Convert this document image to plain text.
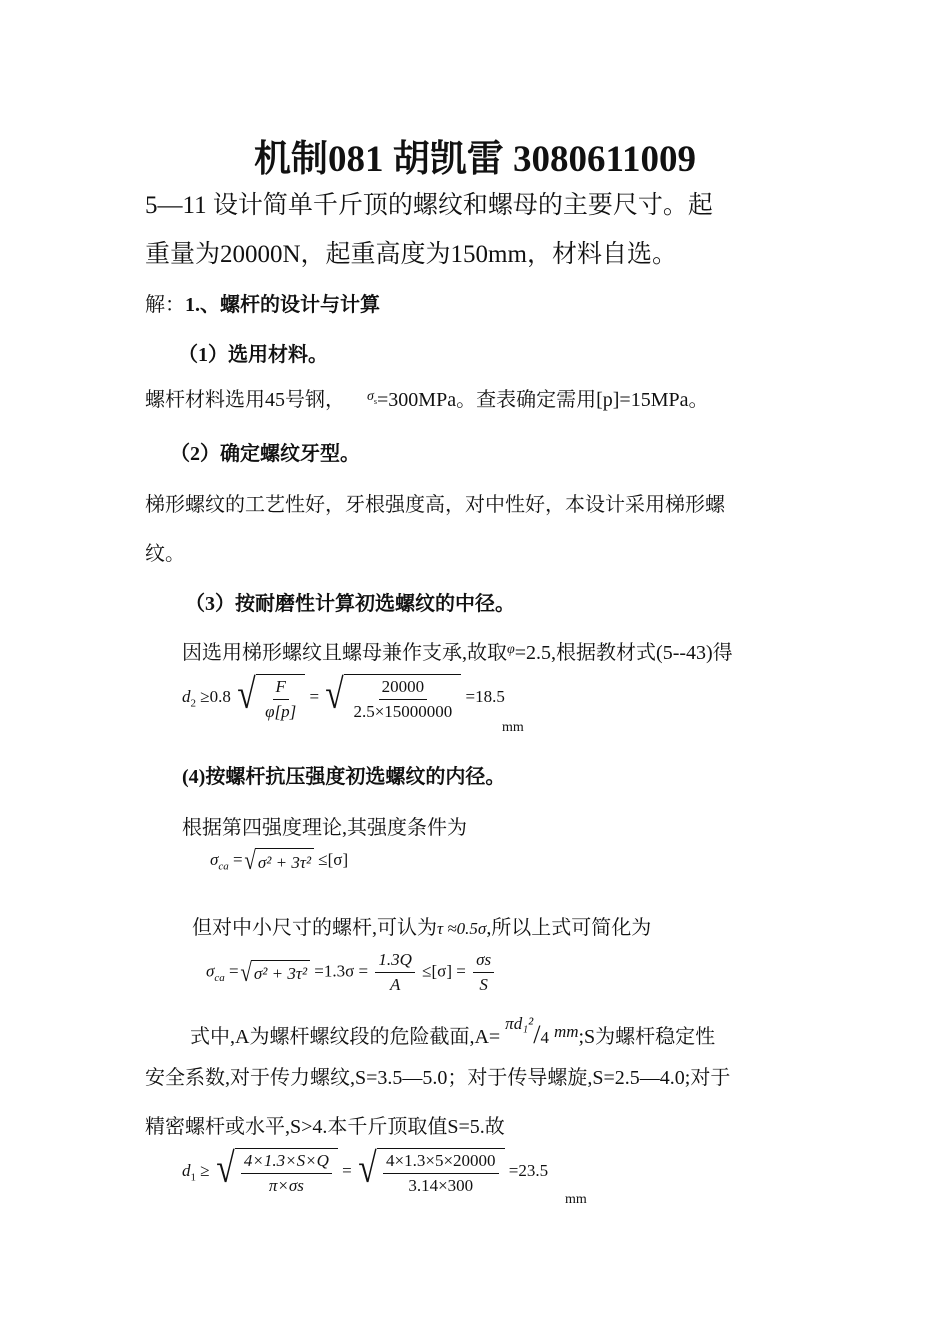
机制081 胡凯雷 3080611009
5—11 设计简单千斤顶的螺纹和螺母的主要尺寸。起
重量为20000N，起重高度为150mm，材料自选。
解：1.、螺杆的设计与计算
（1）选用材料。
螺杆材料选用45号钢， $^\sigma_s$=300MPa。查表确定需用[p]=15MPa。
（2）确定螺纹牙型。
梯形螺纹的工艺性好，牙根强度高，对中性好，本设计采用梯形螺
纹。
（3）按耐磨性计算初选螺纹的中径。
因选用梯形螺纹且螺母兼作支承,故取$^\varphi$=2.5,根据教材式(5--43)得
$d_2 \ge 0.8$ √ $\frac{F}{\varphi[p]}$ = √ $\frac{20000}{2.5\times 15000000} =18.5$
mm
(4)按螺杆抗压强度初选螺纹的内径。
根据第四强度理论,其强度条件为
$\sigma_{ca}$ = √ σ² + 3τ² ≤[σ]
但对中小尺寸的螺杆,可认为τ ≈0.5σ,所以上式可简化为
$\sigma_{ca}$ = √ $\sigma^2 + 3\tau^2 =1.3\sigma = \frac{1.3Q}{A} \le[\sigma] = \frac{\sigma s}{S}$
式中,A为螺杆螺纹段的危险截面,A= $^{\pi d_1^2}$/4 $^{mm}$;S为螺杆稳定性
安全系数,对于传力螺纹,S=3.5—5.0；对于传导螺旋,S=2.5—4.0;对于
精密螺杆或水平,S>4.本千斤顶取值S=5.故
$d_1$ ≥ √ $\frac{4\times 1.3\times S\times Q}{\pi\times\sigma s}$ = √ $\frac{4\times 1.3\times 5\times 20000}{3.14\times 300} =23.5$
mm
